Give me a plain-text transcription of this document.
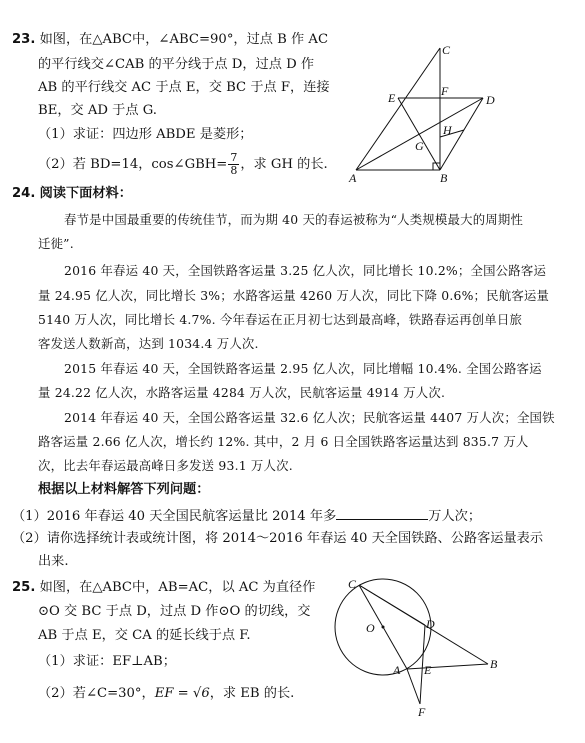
23. 如图，在△ABC中，∠ABC=90°，过点 B 作 AC
的平行线交∠CAB 的平分线于点 D，过点 D 作
AB 的平行线交 AC 于点 E，交 BC 于点 F，连接
BE，交 AD 于点 G.
（1）求证：四边形 ABDE 是菱形；
（2）若 BD=14，cos∠GBH= $\frac{7}{8}$ ，求 GH 的长.
C
E	F
D
H
G
A	B
24. 阅读下面材料：
春节是中国最重要的传统佳节，而为期 40 天的春运被称为“人类规模最大的周期性
迁徙”.
2016 年春运 40 天，全国铁路客运量 3.25 亿人次，同比增长 10.2%；全国公路客运
量 24.95 亿人次，同比增长 3%；水路客运量 4260 万人次，同比下降 0.6%；民航客运量
5140 万人次，同比增长 4.7%. 今年春运在正月初七达到最高峰，铁路春运再创单日旅
客发送人数新高，达到 1034.4 万人次.
2015 年春运 40 天，全国铁路客运量 2.95 亿人次，同比增幅 10.4%. 全国公路客运
量 24.22 亿人次，水路客运量 4284 万人次，民航客运量 4914 万人次.
2014 年春运 40 天，全国公路客运量 32.6 亿人次；民航客运量 4407 万人次；全国铁
路客运量 2.66 亿人次，增长约 12%. 其中，2 月 6 日全国铁路客运量达到 835.7 万人
次，比去年春运最高峰日多发送 93.1 万人次.
根据以上材料解答下列问题：
（1）2016 年春运 40 天全国民航客运量比 2014 年多	万人次；
（2）请你选择统计表或统计图，将 2014～2016 年春运 40 天全国铁路、公路客运量表示
出来.
25. 如图，在△ABC中，AB=AC，以 AC 为直径作
⊙O 交 BC 于点 D，过点 D 作⊙O 的切线，交
AB 于点 E，交 CA 的延长线于点 F.
（1）求证：EF⊥AB；
（2）若∠C=30°，EF = √6，求 EB 的长.
C
O	D
B
A E
F
